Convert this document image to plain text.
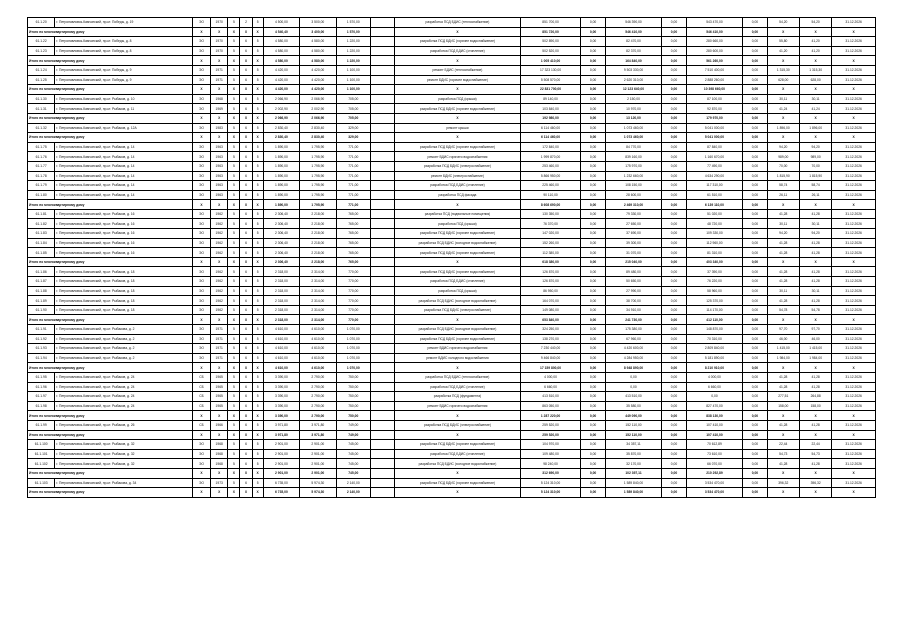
61.1.20	г. Петропавловск-Камчатский, пр-кт. Победы, д. 19	ЭО	1970	5	2	5	4 500,00	3 500,00	1 570,00		разработка ПСД БДИС (теплоснабжение)	851 700,00	0,00	546 390,00	0,00	543 470,00	0,00	54,20	54,20	31.12.2026
Итого по многоквартирному дому		X	X	X	X	X	4 540,40	3 400,00	1 570,00		X	851 720,00	0,00	546 410,00	0,00	546 410,00	0,00	X	X	X
61.1.22	г. Петропавловск-Камчатский, пр-кт. Победы, д. 8	ЭО	1970	5	6	5	4 580,00	4 580,00	1 220,00		разработка ПСД БДИС (горячее водоснабжение)	502 890,00	0,00	82 470,00	0,00	280 660,00	0,00	55,80	41,20	31.12.2026
61.1.23	г. Петропавловск-Камчатский, пр-кт. Победы, д. 8	ЭО	1970	5	6	5	4 580,00	4 580,00	1 220,00		разработка ПСД БДИС (отопление)	502 520,00	0,00	82 370,00	0,00	280 600,00	0,00	41,20	41,20	31.12.2026
Итого по многоквартирному дому		X	X	X	X	X	4 580,00	4 580,00	1 220,00		X	1 005 410,00	0,00	164 840,00	0,00	561 260,00	0,00	X	X	X
61.1.24	г. Петропавловск-Камчатский, пр-кт. Победы, д. 9	ЭО	1971	5	6	5	4 420,00	4 420,00	1 100,00		ремонт БДИС (теплоснабжение)	17 323 130,00	0,00	9 503 330,00	0,00	7 510 400,00	0,00	1 315,30	1 315,30	31.12.2026
61.1.25	г. Петропавловск-Камчатский, пр-кт. Победы, д. 9	ЭО	1971	5	6	5	4 420,00	4 420,00	1 100,00		ремонт БДИС (горячее водоснабжение)	5 508 570,00	0,00	2 620 310,00	0,00	2 888 260,00	0,00	628,00	628,00	31.12.2026
Итого по многоквартирному дому		X	X	X	X	X	4 420,00	4 420,00	1 100,00		X	22 831 700,00	0,00	12 123 640,00	0,00	10 398 660,00	0,00	X	X	X
61.1.30	г. Петропавловск-Камчатский, пр-кт. Рыбаков, д. 10	ЭО	1968	5	6	5	2 066,90	2 066,90	705,00		разработка ПСД (крыши)	89 140,00	0,00	2 150,00	0,00	87 100,00	0,00	30,11	30,11	31.12.2026
61.1.31	г. Петропавловск-Камчатский, пр-кт. Рыбаков, д. 11	ЭО	1969	5	6	5	2 002,90	2 002,90	705,00		разработка ПСД БДИС (горячее водоснабжение)	103 840,00	0,00	10 970,00	0,00	92 870,00	0,00	41,24	41,24	31.12.2026
Итого по многоквартирному дому		X	X	X	X	X	2 066,90	2 066,90	705,00		X	192 980,00	0,00	13 120,00	0,00	179 970,00	0,00	X	X	X
61.1.32	г. Петропавловск-Камчатский, пр-кт. Рыбаков, д. 12А	ЭО	1983	5	6	5	2 830,40	2 830,40	329,00		ремонт крыши	6 114 460,00	0,00	1 073 460,00	0,00	5 041 000,00	0,00	1 896,00	1 896,00	31.12.2026
Итого по многоквартирному дому		X	X	X	X	X	2 830,40	2 830,40	329,00		X	6 114 460,00	0,00	1 073 460,00	0,00	5 041 000,00	0,00	X	X	X
61.1.75	г. Петропавловск-Камчатский, пр-кт. Рыбаков, д. 14	ЭО	1963	5	6	5	1 890,00	1 795,90	771,00		разработка ПСД БДИС (горячее водоснабжение)	172 840,00	0,00	84 770,00	0,00	87 840,00	0,00	94,20	94,20	31.12.2026
61.1.76	г. Петропавловск-Камчатский, пр-кт. Рыбаков, д. 14	ЭО	1963	5	6	5	1 890,00	1 795,90	771,00		ремонт ВДИС горячего водоснабжения	1 999 870,00	0,00	839 160,00	0,00	1 160 670,00	0,00	989,00	989,00	31.12.2026
61.1.77	г. Петропавловск-Камчатский, пр-кт. Рыбаков, д. 14	ЭО	1963	5	6	5	1 890,00	1 795,90	771,00		разработка ПСД БДИС (электроснабжение)	253 460,00	0,00	175 970,00	0,00	77 490,00	0,00	70,00	70,00	31.12.2026
61.1.78	г. Петропавловск-Камчатский, пр-кт. Рыбаков, д. 14	ЭО	1963	5	6	5	1 890,00	1 795,90	771,00		ремонт БДИС (электроснабжение)	5 866 950,00	0,00	1 232 660,00	0,00	4 634 290,00	0,00	1 815,90	1 815,90	31.12.2026
61.1.79	г. Петропавловск-Камчатский, пр-кт. Рыбаков, д. 14	ЭО	1963	5	6	5	1 890,00	1 795,90	771,00		разработка ПСД БДИС (отопление)	225 460,00	0,00	108 150,00	0,00	117 310,00	0,00	58,74	58,74	31.12.2026
61.1.80	г. Петропавловск-Камчатский, пр-кт. Рыбаков, д. 14	ЭО	1963	5	6	5	1 890,00	1 795,90	771,00		разработка ПСД фасада	90 110,00	0,00	28 600,00	0,00	61 510,00	0,00	26,11	26,11	31.12.2026
Итого по многоквартирному дому		X	X	X	X	X	1 890,00	1 795,90	771,00		X	8 608 690,00	0,00	2 469 310,00	0,00	6 139 110,00	0,00	X	X	X
61.1.81	г. Петропавловск-Камчатский, пр-кт. Рыбаков, д. 16	ЭО	1962	5	6	5	2 306,40	2 218,00	765,00		разработка ПСД (подвальные помещения)	130 350,00	0,00	79 330,00	0,00	51 020,00	0,00	41,28	41,28	31.12.2026
61.1.82	г. Петропавловск-Камчатский, пр-кт. Рыбаков, д. 16	ЭО	1962	5	6	5	2 306,40	2 218,00	765,00		разработка ПСД (крыши)	76 370,00	0,00	27 650,00	0,00	48 720,00	0,00	30,11	30,11	31.12.2026
61.1.83	г. Петропавловск-Камчатский, пр-кт. Рыбаков, д. 16	ЭО	1962	5	6	5	2 306,40	2 218,00	765,00		разработка ПСД БДИС (горячее водоснабжение)	147 020,00	0,00	37 690,00	0,00	109 330,00	0,00	94,20	94,20	31.12.2026
61.1.84	г. Петропавловск-Камчатский, пр-кт. Рыбаков, д. 16	ЭО	1962	5	6	5	2 306,40	2 218,00	765,00		разработка ПСД БДИС (холодное водоснабжение)	152 260,00	0,00	39 300,00	0,00	112 960,00	0,00	41,28	41,28	31.12.2026
61.1.85	г. Петропавловск-Камчатский, пр-кт. Рыбаков, д. 16	ЭО	1962	5	6	5	2 306,40	2 218,00	765,00		разработка ПСД БДИС (горячее водоснабжение)	112 380,00	0,00	31 070,00	0,00	81 310,00	0,00	41,28	41,28	31.12.2026
Итого по многоквартирному дому		X	X	X	X	X	2 306,40	2 218,00	765,00		X	618 380,00	0,00	215 040,00	0,00	403 340,00	0,00	X	X	X
61.1.86	г. Петропавловск-Камчатский, пр-кт. Рыбаков, д. 18	ЭО	1962	5	6	5	2 318,00	2 314,00	770,00		разработка ПСД БДИС (горячее водоснабжение)	126 870,00	0,00	89 480,00	0,00	37 390,00	0,00	41,28	41,28	31.12.2026
61.1.87	г. Петропавловск-Камчатский, пр-кт. Рыбаков, д. 18	ЭО	1962	5	6	5	2 318,00	2 314,00	770,00		разработка ПСД БДИС (отопление)	126 870,00	0,00	50 650,00	0,00	76 220,00	0,00	41,28	41,28	31.12.2026
61.1.88	г. Петропавловск-Камчатский, пр-кт. Рыбаков, д. 18	ЭО	1962	5	6	5	2 318,00	2 314,00	770,00		разработка ПСД (крыши)	86 950,00	0,00	27 990,00	0,00	58 960,00	0,00	30,11	30,11	31.12.2026
61.1.89	г. Петропавловск-Камчатский, пр-кт. Рыбаков, д. 18	ЭО	1962	5	6	5	2 318,00	2 314,00	770,00		разработка ПСД БДИС (холодное водоснабжение)	164 070,00	0,00	38 700,00	0,00	125 370,00	0,00	41,28	41,28	31.12.2026
61.1.90	г. Петропавловск-Камчатский, пр-кт. Рыбаков, д. 18	ЭО	1962	5	6	5	2 318,00	2 314,00	770,00		разработка ПСД БДИС (электроснабжение)	149 080,00	0,00	34 910,00	0,00	114 170,00	0,00	54,78	54,78	31.12.2026
Итого по многоквартирному дому		X	X	X	X	X	2 318,00	2 314,00	770,00		X	653 840,00	0,00	241 730,00	0,00	412 110,00	0,00	X	X	X
61.1.91	г. Петропавловск-Камчатский, пр-кт. Рыбакова, д. 2	ЭО	1971	5	6	5	4 610,00	4 610,00	1 070,00		разработка ПСД БДИС (холодное водоснабжение)	324 250,00	0,00	175 380,00	0,00	148 870,00	0,00	97,70	97,70	31.12.2026
61.1.92	г. Петропавловск-Камчатский, пр-кт. Рыбакова, д. 2	ЭО	1971	5	6	5	4 610,00	4 610,00	1 070,00		разработка ПСД БДИС (горячее водоснабжение)	138 270,00	0,00	67 960,00	0,00	70 310,00	0,00	46,00	46,00	31.12.2026
61.1.93	г. Петропавловск-Камчатский, пр-кт. Рыбакова, д. 2	ЭО	1971	5	6	5	4 610,00	4 610,00	1 070,00		ремонт ВДИС горячего водоснабжения	7 230 440,00	0,00	4 420 600,00	0,00	2 809 840,00	0,00	1 415,00	1 415,00	31.12.2026
61.1.94	г. Петропавловск-Камчатский, пр-кт. Рыбакова, д. 2	ЭО	1971	5	6	5	4 610,00	4 610,00	1 070,00		ремонт ВДИС холодного водоснабжения	9 466 840,00	0,00	4 284 950,00	0,00	5 181 890,00	0,00	1 984,00	1 984,00	31.12.2026
Итого по многоквартирному дому		X	X	X	X	X	4 610,00	4 610,00	1 070,00		X	17 159 800,00	0,00	8 948 890,00	0,00	8 210 910,00	0,00	X	X	X
61.1.95	г. Петропавловск-Камчатский, пр-кт. Рыбаков, д. 24	СБ	1965	5	6	5	3 390,00	2 790,00	750,00		разработка ПСД БДИС (теплоснабжение)	4 000,00	0,00	0,00	0,00	4 000,00	0,00	41,28	41,28	31.12.2026
61.1.96	г. Петропавловск-Камчатский, пр-кт. Рыбаков, д. 24	СБ	1965	5	6	5	3 390,00	2 790,00	750,00		разработка ПСД БДИС (отопление)	6 660,00	0,00	0,00	0,00	6 660,00	0,00	41,28	41,28	31.12.2026
61.1.97	г. Петропавловск-Камчатский, пр-кт. Рыбаков, д. 24	СБ	1965	5	6	5	3 390,00	2 790,00	750,00		разработка ПСД (фундамента)	413 510,00	0,00	413 510,00	0,00	0,00	0,00	277,51	264,88	31.12.2026
61.1.98	г. Петропавловск-Камчатский, пр-кт. Рыбаков, д. 24	СБ	1965	5	6	5	3 390,00	2 790,00	750,00		ремонт ВДИС горячего водоснабжения	863 050,00	0,00	35 580,00	0,00	827 470,00	0,00	158,00	158,00	31.12.2026
Итого по многоквартирному дому		X	X	X	X	X	3 390,00	2 790,00	750,00		X	1 287 220,00	0,00	449 090,00	0,00	838 130,00	0,00	X	X	X
61.1.99	г. Петропавловск-Камчатский, пр-кт. Рыбаков, д. 26	СБ	1966	5	6	5	3 971,80	3 971,80	749,00		разработка ПСД БДИС (электроснабжение)	259 520,00	0,00	152 110,00	0,00	107 410,00	0,00	41,28	41,28	31.12.2026
Итого по многоквартирному дому		X	X	X	X	X	3 971,80	3 971,80	749,00		X	259 520,00	0,00	152 110,00	0,00	107 410,00	0,00	X	X	X
61.1.100	г. Петропавловск-Камчатский, пр-кт. Рыбаков, д. 32	ЭО	1968	5	6	5	2 901,00	2 901,00	745,00		разработка ПСД БДИС (горячее водоснабжение)	104 970,00	0,00	34 357,11	0,00	70 612,89	0,00	22,44	22,44	31.12.2026
61.1.101	г. Петропавловск-Камчатский, пр-кт. Рыбаков, д. 32	ЭО	1968	5	6	5	2 901,00	2 901,00	745,00		разработка ПСД БДИС (отопление)	109 480,00	0,00	35 870,00	0,00	73 610,00	0,00	54,73	54,73	31.12.2026
61.1.102	г. Петропавловск-Камчатский, пр-кт. Рыбаков, д. 32	ЭО	1968	5	6	5	2 901,00	2 901,00	745,00		разработка ПСД БДИС (холодное водоснабжение)	98 240,00	0,00	32 170,00	0,00	66 070,00	0,00	41,28	41,28	31.12.2026
Итого по многоквартирному дому		X	X	X	X	X	2 901,00	2 901,00	745,00		X	312 690,00	0,00	102 397,11	0,00	210 292,89	0,00	X	X	X
61.1.103	г. Петропавловск-Камчатский, пр-кт. Рыбакова, д. 34	ЭО	1973	5	6	5	6 735,00	5 974,30	2 140,00		разработка ПСД БДИС (горячее водоснабжение)	5 124 310,00	0,00	1 589 840,00	0,00	3 534 470,00	0,00	396,32	396,32	31.12.2026
Итого по многоквартирному дому		X	X	X	X	X	6 735,00	5 974,30	2 140,00		X	5 124 310,00	0,00	1 589 840,00	0,00	3 534 470,00	0,00	X	X	X
